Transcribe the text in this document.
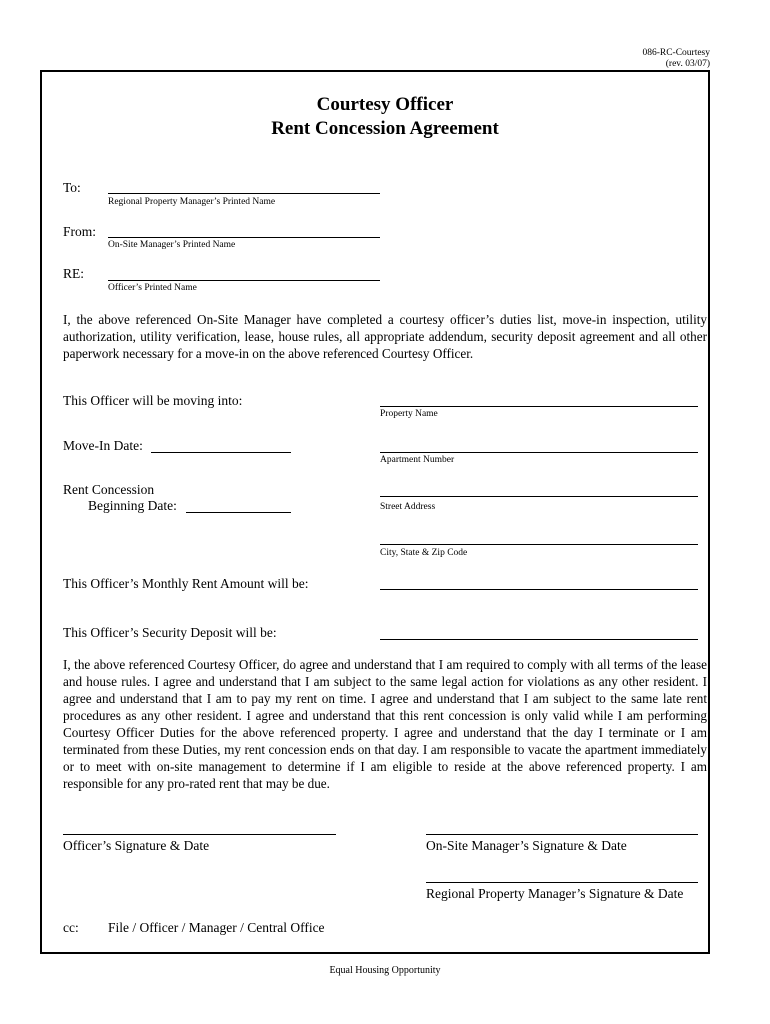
086-RC-Courtesy
(rev. 03/07)
Courtesy Officer
Rent Concession Agreement
To:
Regional Property Manager’s Printed Name
From:
On-Site Manager’s Printed Name
RE:
Officer’s Printed Name
I, the above referenced On-Site Manager have completed a courtesy officer’s duties list, move-in inspection, utility authorization, utility verification, lease, house rules, all appropriate addendum, security deposit agreement and all other paperwork necessary for a move-in on the above referenced Courtesy Officer.
This Officer will be moving into:
Property Name
Move-In Date:
Apartment Number
Rent Concession
Beginning Date:	Street Address
City, State & Zip Code
This Officer’s Monthly Rent Amount will be:
This Officer’s Security Deposit will be:
I, the above referenced Courtesy Officer, do agree and understand that I am required to comply with all terms of the lease and house rules. I agree and understand that I am subject to the same legal action for violations as any other resident. I agree and understand that I am to pay my rent on time. I agree and understand that I am subject to the same late rent procedures as any other resident. I agree and understand that this rent concession is only valid while I am performing Courtesy Officer Duties for the above referenced property. I agree and understand that the day I terminate or I am terminated from these Duties, my rent concession ends on that day. I am responsible to vacate the apartment immediately or to meet with on-site management to determine if I am eligible to reside at the above referenced property. I am responsible for any pro-rated rent that may be due.
Officer’s Signature & Date	On-Site Manager’s Signature & Date
Regional Property Manager’s Signature & Date
cc: File / Officer / Manager / Central Office
Equal Housing Opportunity
